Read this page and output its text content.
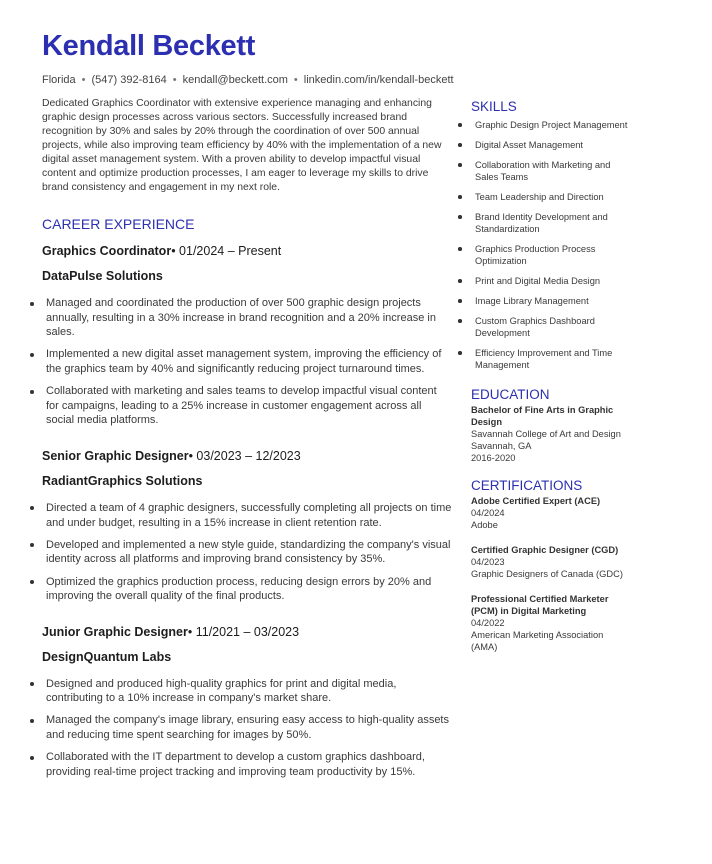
Kendall Beckett
Florida • (547) 392-8164 • kendall@beckett.com • linkedin.com/in/kendall-beckett

Dedicated Graphics Coordinator with extensive experience managing and enhancing graphic design processes across various sectors. Successfully increased brand recognition by 30% and sales by 20% through the coordination of over 500 annual projects, while also improving team efficiency by 40% with the implementation of a new digital asset management system. With a proven ability to develop impactful visual content and optimize production processes, I am eager to leverage my skills to drive brand consistency and engagement in my next role.

CAREER EXPERIENCE
Graphics Coordinator• 01/2024 – Present
DataPulse Solutions
Managed and coordinated the production of over 500 graphic design projects annually, resulting in a 30% increase in brand recognition and a 20% increase in sales.
Implemented a new digital asset management system, improving the efficiency of the graphics team by 40% and significantly reducing project turnaround times.
Collaborated with marketing and sales teams to develop impactful visual content for campaigns, leading to a 25% increase in customer engagement across all social media platforms.
Senior Graphic Designer• 03/2023 – 12/2023
RadiantGraphics Solutions
Directed a team of 4 graphic designers, successfully completing all projects on time and under budget, resulting in a 15% increase in client retention rate.
Developed and implemented a new style guide, standardizing the company's visual identity across all platforms and improving brand consistency by 35%.
Optimized the graphics production process, reducing design errors by 20% and improving the overall quality of the final products.
Junior Graphic Designer• 11/2021 – 03/2023
DesignQuantum Labs
Designed and produced high-quality graphics for print and digital media, contributing to a 10% increase in company's market share.
Managed the company's image library, ensuring easy access to high-quality assets and reducing time spent searching for images by 50%.
Collaborated with the IT department to develop a custom graphics dashboard, providing real-time project tracking and improving team productivity by 15%.
SKILLS
Graphic Design Project Management
Digital Asset Management
Collaboration with Marketing and Sales Teams
Team Leadership and Direction
Brand Identity Development and Standardization
Graphics Production Process Optimization
Print and Digital Media Design
Image Library Management
Custom Graphics Dashboard Development
Efficiency Improvement and Time Management
EDUCATION
Bachelor of Fine Arts in Graphic Design
Savannah College of Art and Design
Savannah, GA
2016-2020
CERTIFICATIONS
Adobe Certified Expert (ACE)
04/2024
Adobe
Certified Graphic Designer (CGD)
04/2023
Graphic Designers of Canada (GDC)
Professional Certified Marketer (PCM) in Digital Marketing
04/2022
American Marketing Association (AMA)
